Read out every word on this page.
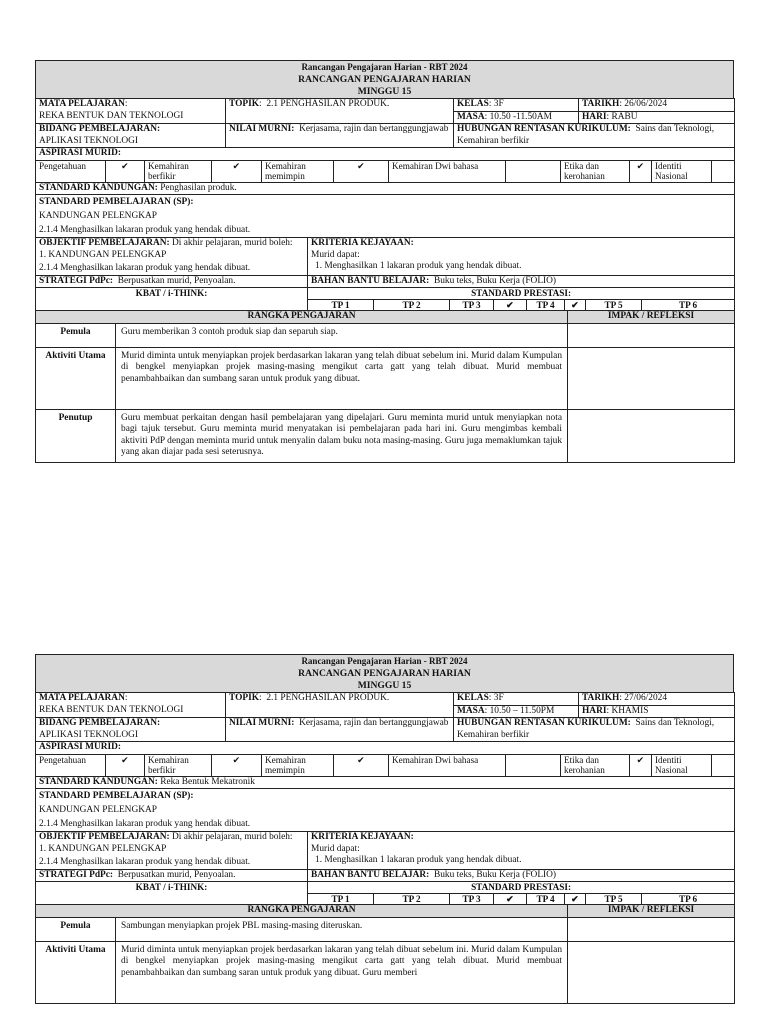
Rancangan Pengajaran Harian - RBT 2024
RANCANGAN PENGAJARAN HARIAN
MINGGU 15
MATA PELAJARAN:
REKA BENTUK DAN TEKNOLOGI	TOPIK:  2.1 PENGHASILAN PRODUK.	KELAS: 3F	TARIKH: 26/06/2024
		MASA: 10.50 -11.50AM	HARI: RABU
BIDANG PEMBELAJARAN:
APLIKASI TEKNOLOGI	NILAI MURNI: Kerjasama, rajin dan bertanggungjawab	HUBUNGAN RENTASAN KURIKULUM: Sains dan Teknologi, Kemahiran berfikir	
ASPIRASI MURID:			
Pengetahuan	✔	Kemahiran berfikir	✔	Kemahiran memimpin	✔	Kemahiran Dwi bahasa		Etika dan kerohanian	✔	Identiti Nasional	
STANDARD KANDUNGAN: Penghasilan produk.	

STANDARD PEMBELAJARAN (SP):
KANDUNGAN PELENGKAP
2.1.4 Menghasilkan lakaran produk yang hendak dibuat.	

OBJEKTIF PEMBELAJARAN: Di akhir pelajaran, murid boleh:
1. KANDUNGAN PELENGKAP
2.1.4 Menghasilkan lakaran produk yang hendak dibuat.	KRITERIA KEJAYAAN:
Murid dapat:
1. Menghasilkan 1 lakaran produk yang hendak dibuat.

STRATEGI PdPc: Berpusatkan murid, Penyoalan.	BAHAN BANTU BELAJAR: Buku teks, Buku Kerja (FOLIO)
KBAT / i-THINK:	STANDARD PRESTASI:							
	TP 1	TP 2	TP 3	✔	TP 4	✔	TP 5	TP 6
RANGKA PENGAJARAN		IMPAK / REFLEKSI
Pemula	Guru memberikan 3 contoh produk siap dan separuh siap.	
Aktiviti Utama	Murid diminta untuk menyiapkan projek berdasarkan lakaran yang telah dibuat sebelum ini. Murid dalam Kumpulan di bengkel menyiapkan projek masing-masing mengikut carta gatt yang telah dibuat. Murid membuat penambahbaikan dan sumbang saran untuk produk yang dibuat.	
Penutup	Guru membuat perkaitan dengan hasil pembelajaran yang dipelajari. Guru meminta murid untuk menyiapkan nota bagi tajuk tersebut. Guru meminta murid menyatakan isi pembelajaran pada hari ini. Guru mengimbas kembali aktiviti PdP dengan meminta murid untuk menyalin dalam buku nota masing-masing. Guru juga memaklumkan tajuk yang akan diajar pada sesi seterusnya.	
Rancangan Pengajaran Harian - RBT 2024
RANCANGAN PENGAJARAN HARIAN
MINGGU 15
MATA PELAJARAN:
REKA BENTUK DAN TEKNOLOGI	TOPIK:  2.1 PENGHASILAN PRODUK.	KELAS: 3F	TARIKH: 27/06/2024
		MASA: 10.50 – 11.50PM	HARI: KHAMIS
BIDANG PEMBELAJARAN:
APLIKASI TEKNOLOGI	NILAI MURNI: Kerjasama, rajin dan bertanggungjawab	HUBUNGAN RENTASAN KURIKULUM: Sains dan Teknologi, Kemahiran berfikir	
ASPIRASI MURID:			
Pengetahuan	✔	Kemahiran berfikir	✔	Kemahiran memimpin	✔	Kemahiran Dwi bahasa		Etika dan kerohanian	✔	Identiti Nasional	
STANDARD KANDUNGAN: Reka Bentuk Mekatronik	

STANDARD PEMBELAJARAN (SP):
KANDUNGAN PELENGKAP
2.1.4 Menghasilkan lakaran produk yang hendak dibuat.	

OBJEKTIF PEMBELAJARAN: Di akhir pelajaran, murid boleh:
1. KANDUNGAN PELENGKAP
2.1.4 Menghasilkan lakaran produk yang hendak dibuat.	KRITERIA KEJAYAAN:
Murid dapat:
1. Menghasilkan 1 lakaran produk yang hendak dibuat.

STRATEGI PdPc: Berpusatkan murid, Penyoalan.	BAHAN BANTU BELAJAR: Buku teks, Buku Kerja (FOLIO)
KBAT / i-THINK:	STANDARD PRESTASI:							
	TP 1	TP 2	TP 3	✔	TP 4	✔	TP 5	TP 6
RANGKA PENGAJARAN		IMPAK / REFLEKSI
Pemula	Sambungan menyiapkan projek PBL masing-masing diteruskan.	
Aktiviti Utama	Murid diminta untuk menyiapkan projek berdasarkan lakaran yang telah dibuat sebelum ini. Murid dalam Kumpulan di bengkel menyiapkan projek masing-masing mengikut carta gatt yang telah dibuat. Murid membuat penambahbaikan dan sumbang saran untuk produk yang dibuat. Guru memberi	
